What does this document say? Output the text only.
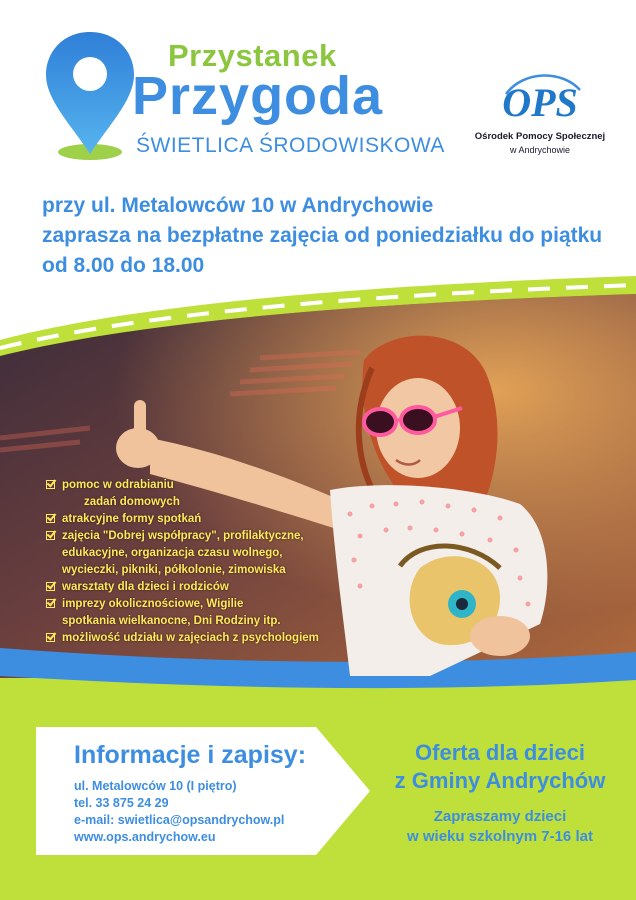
Przystanek
Przygoda
ŚWIETLICA ŚRODOWISKOWA
OPS
Ośrodek Pomocy Społecznej
w Andrychowie
przy ul. Metalowców 10 w Andrychowie
zaprasza na bezpłatne zajęcia od poniedziałku do piątku
od 8.00 do 18.00
pomoc w odrabianiu
zadań domowych
atrakcyjne formy spotkań
zajęcia "Dobrej współpracy", profilaktyczne,
edukacyjne, organizacja czasu wolnego,
wycieczki, pikniki, półkolonie, zimowiska
warsztaty dla dzieci i rodziców
imprezy okolicznościowe, Wigilie
spotkania wielkanocne, Dni Rodziny itp.
możliwość udziału w zajęciach z psychologiem
Informacje i zapisy:
ul. Metalowców 10 (I piętro)
tel. 33 875 24 29
e-mail: swietlica@opsandrychow.pl
www.ops.andrychow.eu
Oferta dla dzieci
z Gminy Andrychów
Zapraszamy dzieci
w wieku szkolnym 7-16 lat
